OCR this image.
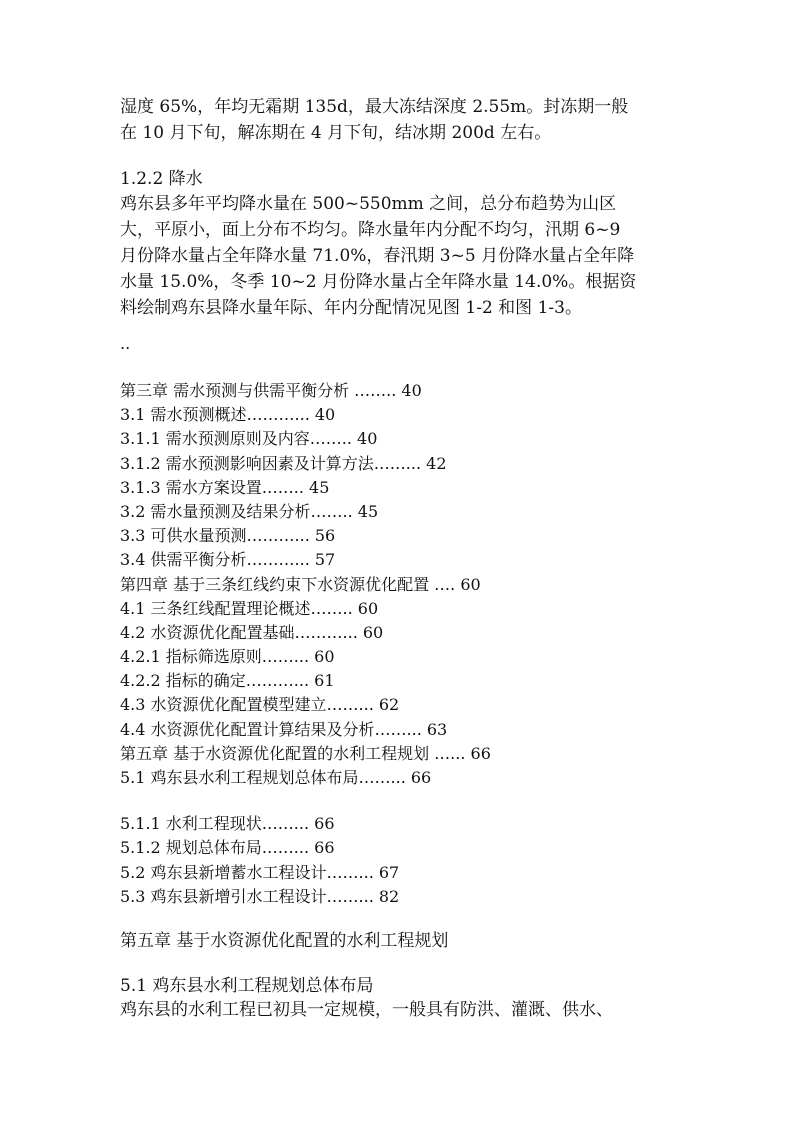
湿度 65%，年均无霜期 135d，最大冻结深度 2.55m。封冻期一般

在 10 月下旬，解冻期在 4 月下旬，结冰期 200d 左右。

1.2.2 降水

鸡东县多年平均降水量在 500~550mm 之间，总分布趋势为山区

大，平原小，面上分布不均匀。降水量年内分配不均匀，汛期 6~9

月份降水量占全年降水量 71.0%，春汛期 3~5 月份降水量占全年降

水量 15.0%，冬季 10~2 月份降水量占全年降水量 14.0%。根据资

料绘制鸡东县降水量年际、年内分配情况见图 1-2 和图 1-3。

..
第三章 需水预测与供需平衡分析 …….. 40
3.1 需水预测概述………... 40
3.1.1 需水预测原则及内容…….. 40
3.1.2 需水预测影响因素及计算方法……... 42
3.1.3 需水方案设置…….. 45
3.2 需水量预测及结果分析…….. 45
3.3 可供水量预测………... 56
3.4 供需平衡分析………... 57
第四章 基于三条红线约束下水资源优化配置 …. 60
4.1 三条红线配置理论概述…….. 60
4.2 水资源优化配置基础………... 60
4.2.1 指标筛选原则……... 60
4.2.2 指标的确定………... 61
4.3 水资源优化配置模型建立……... 62
4.4 水资源优化配置计算结果及分析……... 63
第五章 基于水资源优化配置的水利工程规划 …... 66
5.1 鸡东县水利工程规划总体布局……... 66
5.1.1 水利工程现状……... 66
5.1.2 规划总体布局……... 66
5.2 鸡东县新增蓄水工程设计……... 67
5.3 鸡东县新增引水工程设计……... 82
第五章 基于水资源优化配置的水利工程规划
5.1 鸡东县水利工程规划总体布局
鸡东县的水利工程已初具一定规模，一般具有防洪、灌溉、供水、
